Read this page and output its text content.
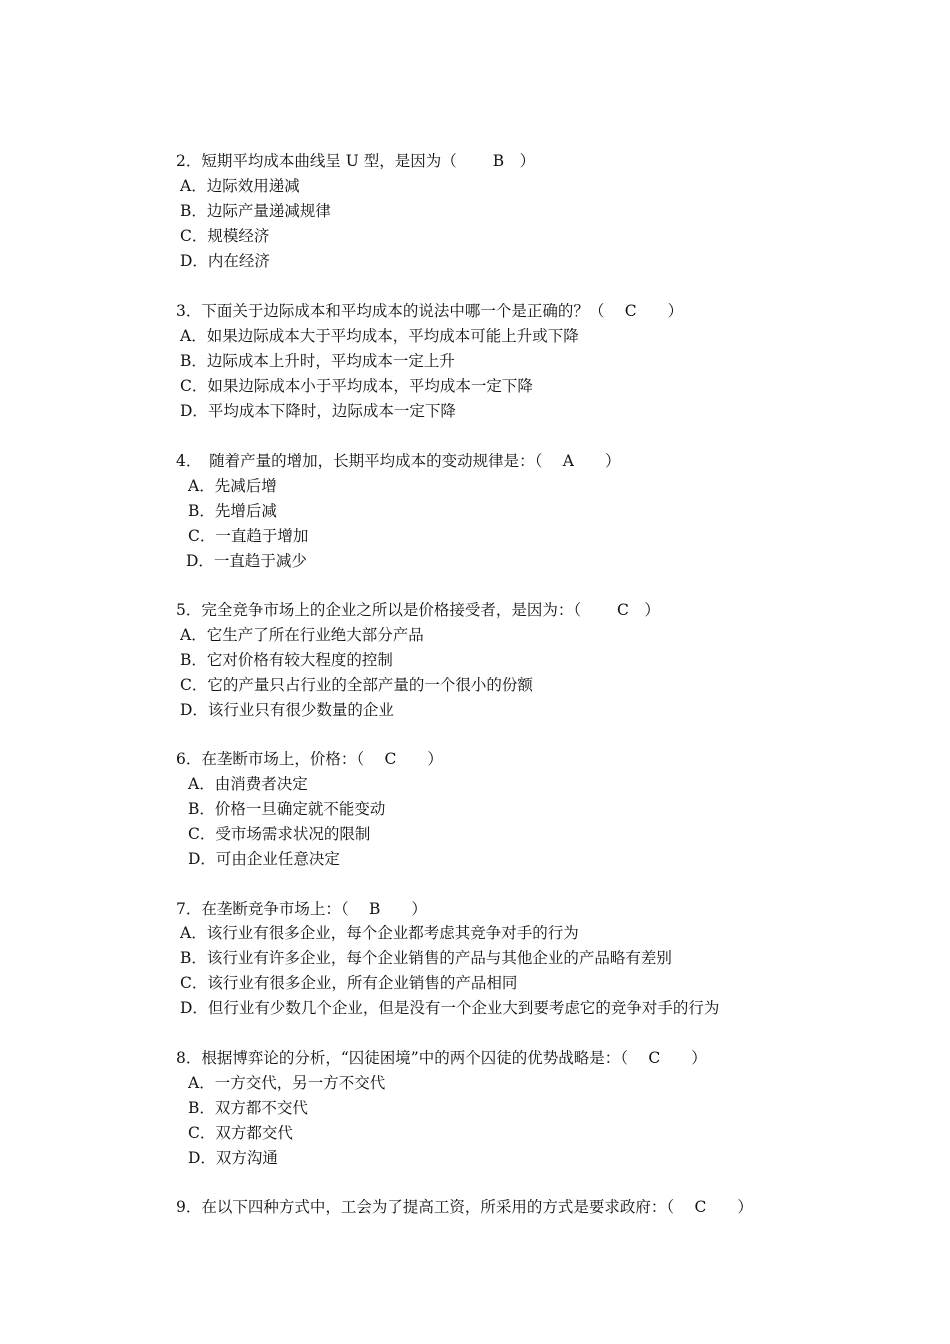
2．短期平均成本曲线呈 U 型，是因为（　　 B　）
A．边际效用递减
B．边际产量递减规律
C．规模经济
D．内在经济
3．下面关于边际成本和平均成本的说法中哪一个是正确的？（　 C　　）
A．如果边际成本大于平均成本，平均成本可能上升或下降
B．边际成本上升时，平均成本一定上升
C．如果边际成本小于平均成本，平均成本一定下降
D．平均成本下降时，边际成本一定下降
4．　随着产量的增加，长期平均成本的变动规律是：（　 A　　）
A．先减后增
B．先增后减
C．一直趋于增加
D．一直趋于减少
5．完全竞争市场上的企业之所以是价格接受者，是因为：（　　 C　）
A．它生产了所在行业绝大部分产品
B．它对价格有较大程度的控制
C．它的产量只占行业的全部产量的一个很小的份额
D．该行业只有很少数量的企业
6．在垄断市场上，价格：（　 C　　）
A．由消费者决定
B．价格一旦确定就不能变动
C．受市场需求状况的限制
D．可由企业任意决定
7．在垄断竞争市场上：（　 B　　）
A．该行业有很多企业，每个企业都考虑其竞争对手的行为
B．该行业有许多企业，每个企业销售的产品与其他企业的产品略有差别
C．该行业有很多企业，所有企业销售的产品相同
D．但行业有少数几个企业，但是没有一个企业大到要考虑它的竞争对手的行为
8．根据博弈论的分析，“囚徒困境”中的两个囚徒的优势战略是：（　 C　　）
A．一方交代，另一方不交代
B．双方都不交代
C．双方都交代
D．双方沟通
9．在以下四种方式中，工会为了提高工资，所采用的方式是要求政府：（　 C　　）
